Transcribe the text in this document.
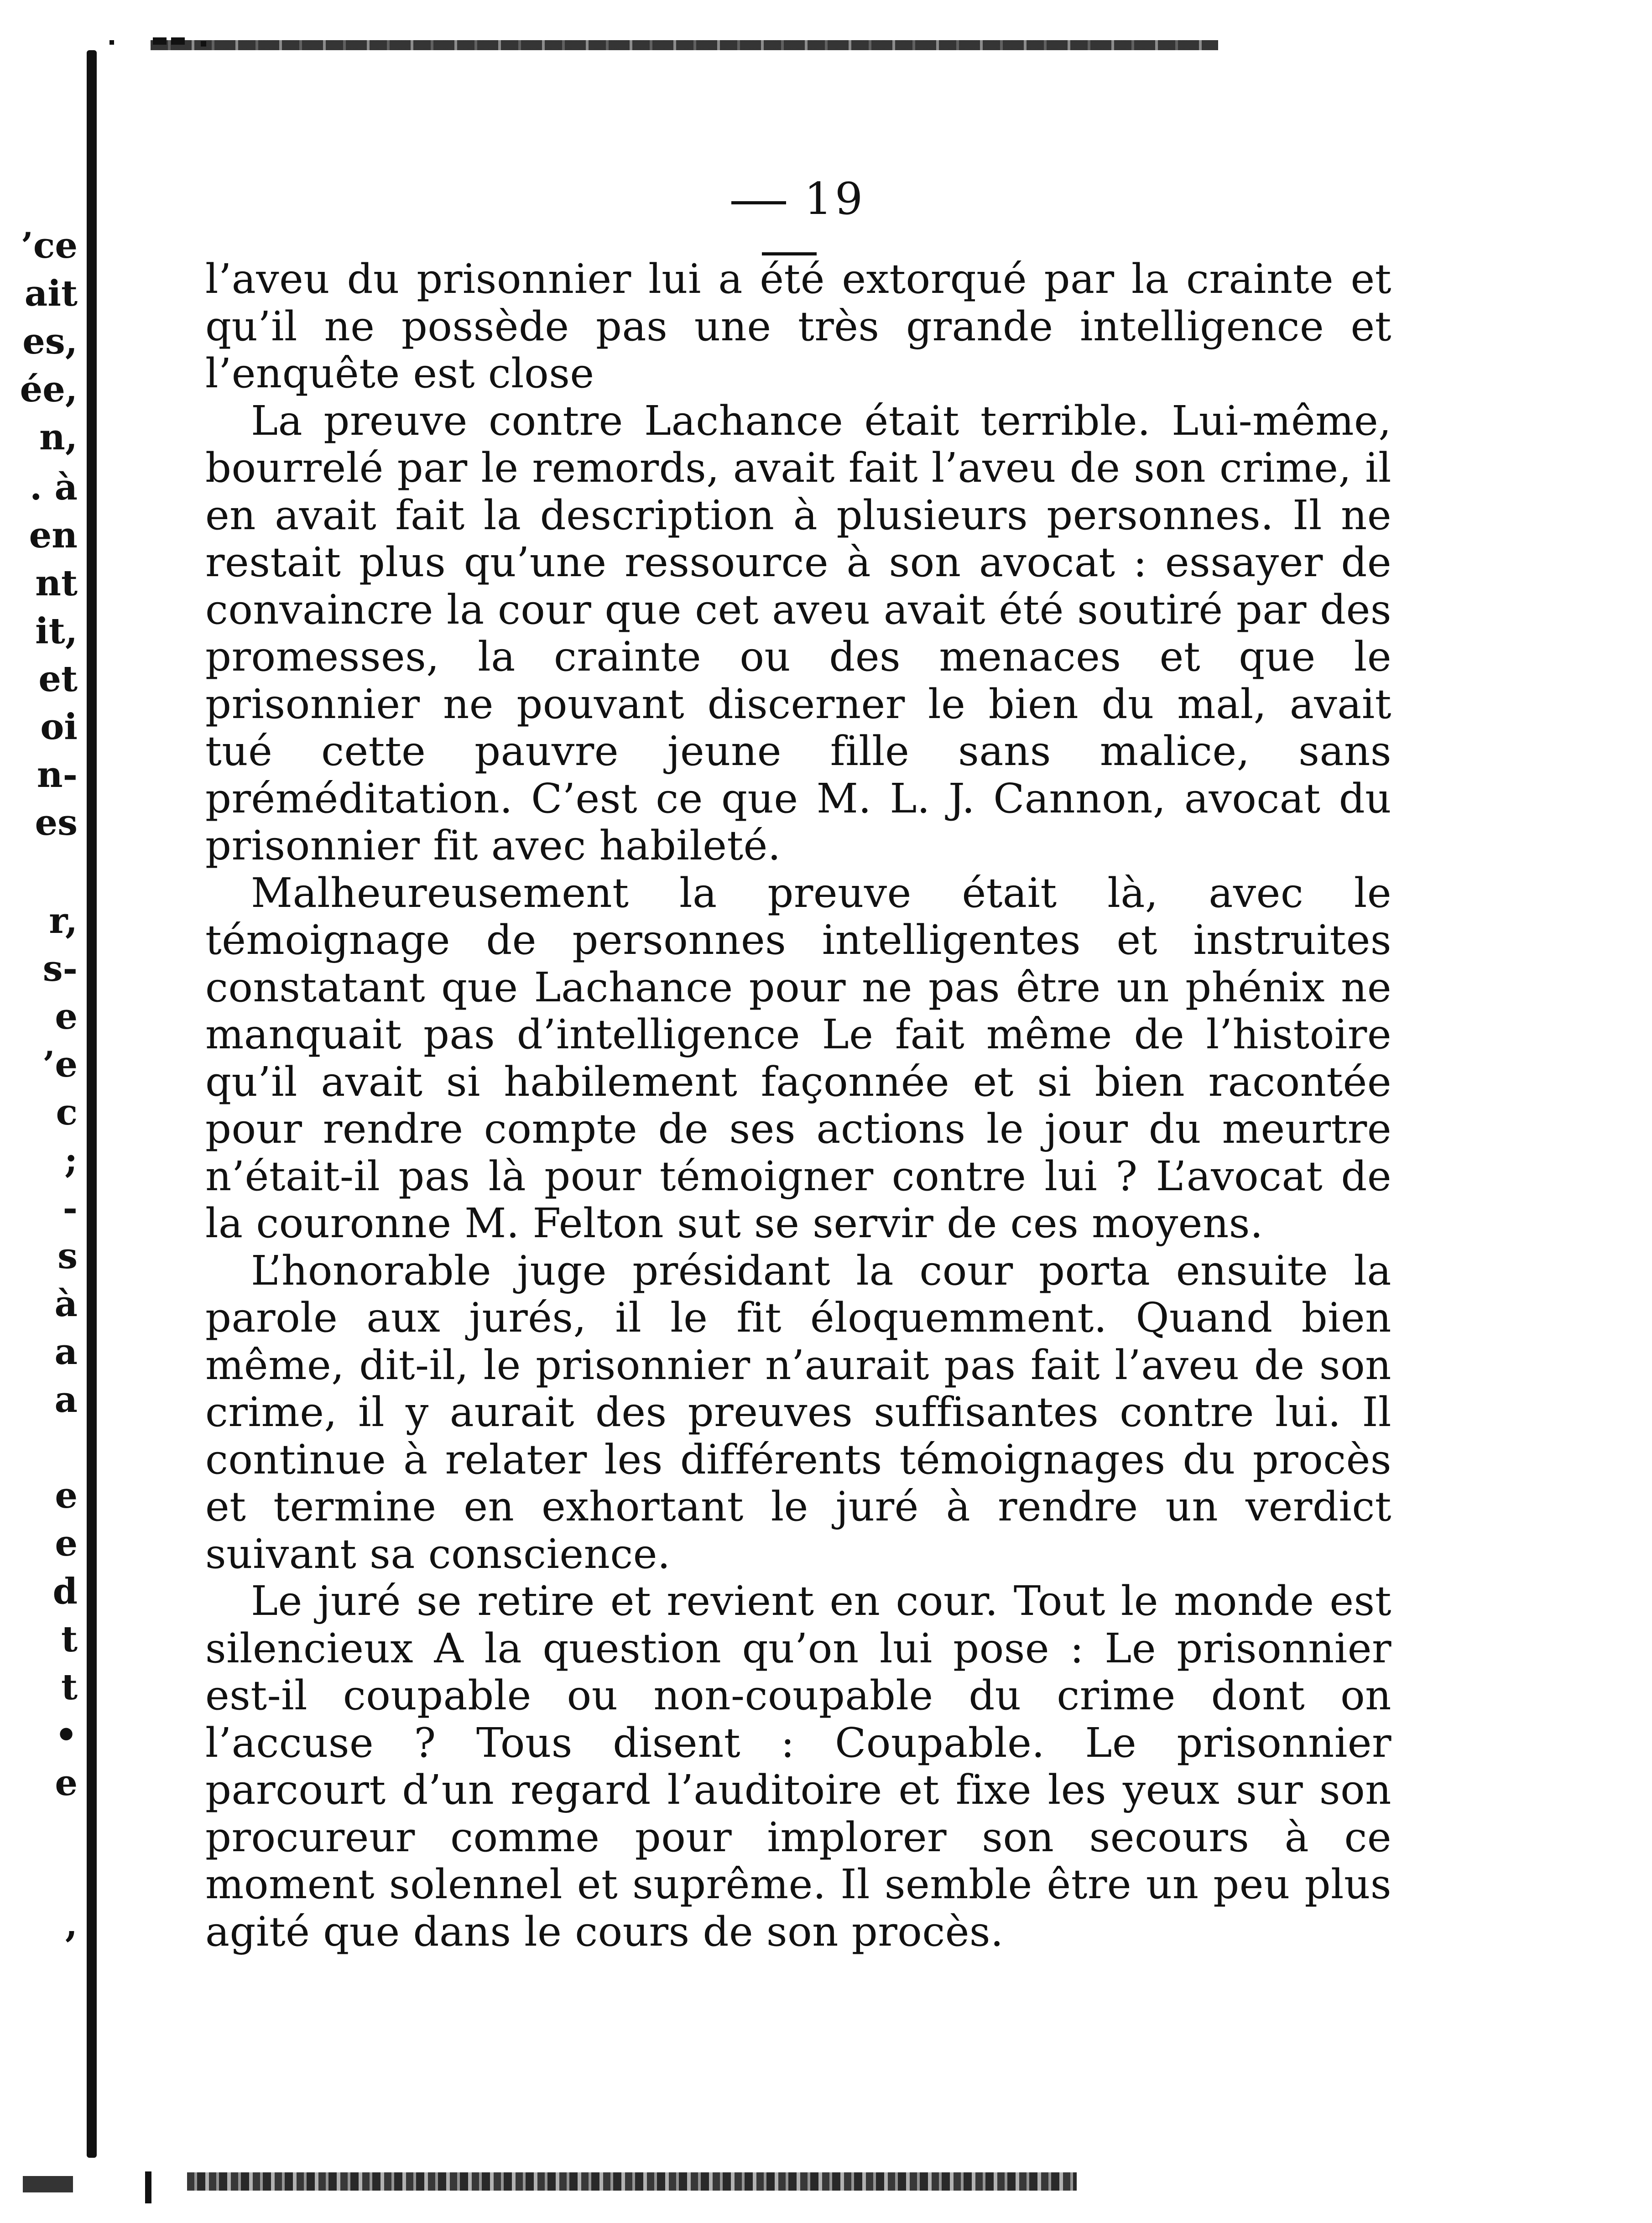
’ce
ait
es,
ée,
n,
. à
en
nt
it,
et
oi
n-
es
r,
s-
e
’e
c
;
-
s
à
a
a
e
e
d
t
t
•
e
,
19

l’aveu du prisonnier lui a été extorqué par la crainte et qu’il ne possède pas une très grande intelligence et l’enquête est close

La preuve contre Lachance était terrible. Lui-même, bourrelé par le remords, avait fait l’aveu de son crime, il en avait fait la description à plusieurs personnes. Il ne restait plus qu’une ressource à son avocat : essayer de convaincre la cour que cet aveu avait été soutiré par des promesses, la crainte ou des menaces et que le prisonnier ne pouvant discerner le bien du mal, avait tué cette pauvre jeune fille sans malice, sans préméditation. C’est ce que M. L. J. Cannon, avocat du prisonnier fit avec habileté.

Malheureusement la preuve était là, avec le témoignage de personnes intelligentes et instruites constatant que Lachance pour ne pas être un phénix ne manquait pas d’intelligence Le fait même de l’histoire qu’il avait si habilement façonnée et si bien racontée pour rendre compte de ses actions le jour du meurtre n’était-il pas là pour témoigner contre lui ? L’avocat de la couronne M. Felton sut se servir de ces moyens.

L’honorable juge présidant la cour porta ensuite la parole aux jurés, il le fit éloquemment. Quand bien même, dit-il, le prisonnier n’aurait pas fait l’aveu de son crime, il y aurait des preuves suffisantes contre lui. Il continue à relater les différents témoignages du procès et termine en exhortant le juré à rendre un verdict suivant sa conscience.

Le juré se retire et revient en cour. Tout le monde est silencieux A la question qu’on lui pose : Le prisonnier est-il coupable ou non-coupable du crime dont on l’accuse ? Tous disent : Coupable. Le prisonnier parcourt d’un regard l’auditoire et fixe les yeux sur son procureur comme pour implorer son secours à ce moment solennel et suprême. Il semble être un peu plus agité que dans le cours de son procès.
